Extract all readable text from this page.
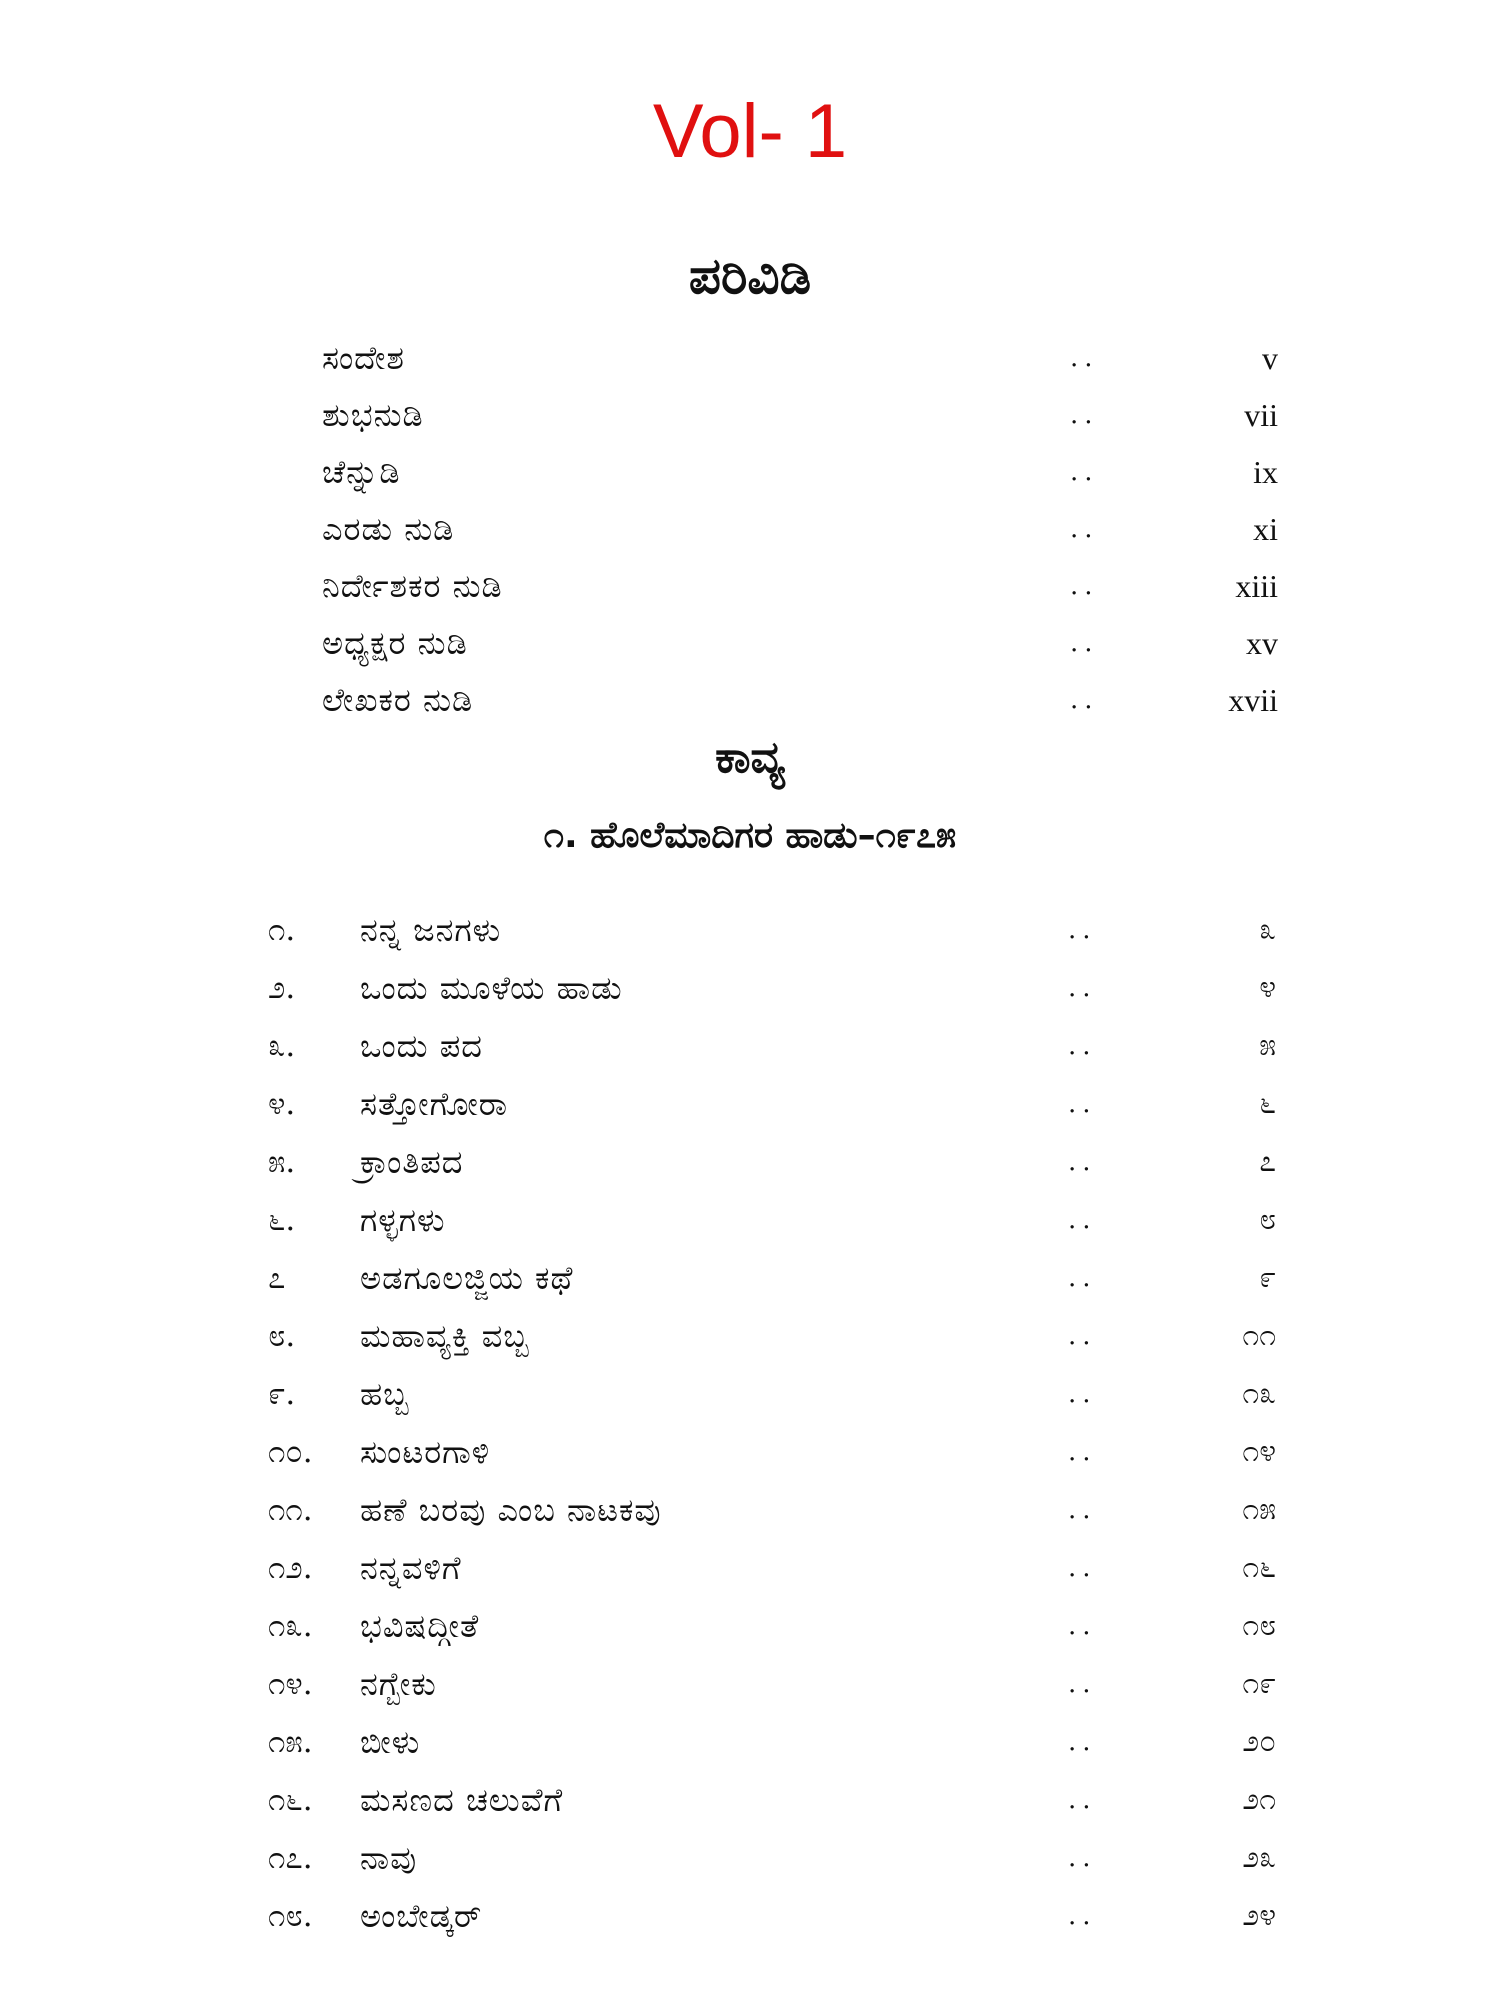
Vol- 1
ಪರಿವಿಡಿ
ಸಂದೇಶ	..	v
ಶುಭನುಡಿ	..	vii
ಚೆನ್ನುಡಿ	..	ix
ಎರಡು ನುಡಿ	..	xi
ನಿರ್ದೇಶಕರ ನುಡಿ	..	xiii
ಅಧ್ಯಕ್ಷರ ನುಡಿ	..	xv
ಲೇಖಕರ ನುಡಿ	..	xvii
ಕಾವ್ಯ
೧. ಹೊಲೆಮಾದಿಗರ ಹಾಡು–೧೯೭೫
೧. ನನ್ನ ಜನಗಳು	..	೩
೨. ಒಂದು ಮೂಳೆಯ ಹಾಡು	..	೪
೩. ಒಂದು ಪದ	..	೫
೪. ಸತ್ತೋಗೋರಾ	..	೬
೫. ಕ್ರಾಂತಿಪದ	..	೭
೬. ಗಳ್ಳಗಳು	..	೮
೭ ಅಡಗೂಲಜ್ಜಿಯ ಕಥೆ	..	೯
೮. ಮಹಾವ್ಯಕ್ತಿ ವಬ್ಬ	..	೧೧
೯. ಹಬ್ಬ	..	೧೩
೧೦. ಸುಂಟರಗಾಳಿ	..	೧೪
೧೧. ಹಣೆ ಬರವು ಎಂಬ ನಾಟಕವು	..	೧೫
೧೨. ನನ್ನವಳಿಗೆ	..	೧೬
೧೩. ಭವಿಷದ್ಗೀತೆ	..	೧೮
೧೪. ನಗ್ಬೇಕು	..	೧೯
೧೫. ಬೀಳು	..	೨೦
೧೬. ಮಸಣದ ಚಲುವೆಗೆ	..	೨೧
೧೭. ನಾವು	..	೨೩
೧೮. ಅಂಬೇಡ್ಕರ್	..	೨೪
